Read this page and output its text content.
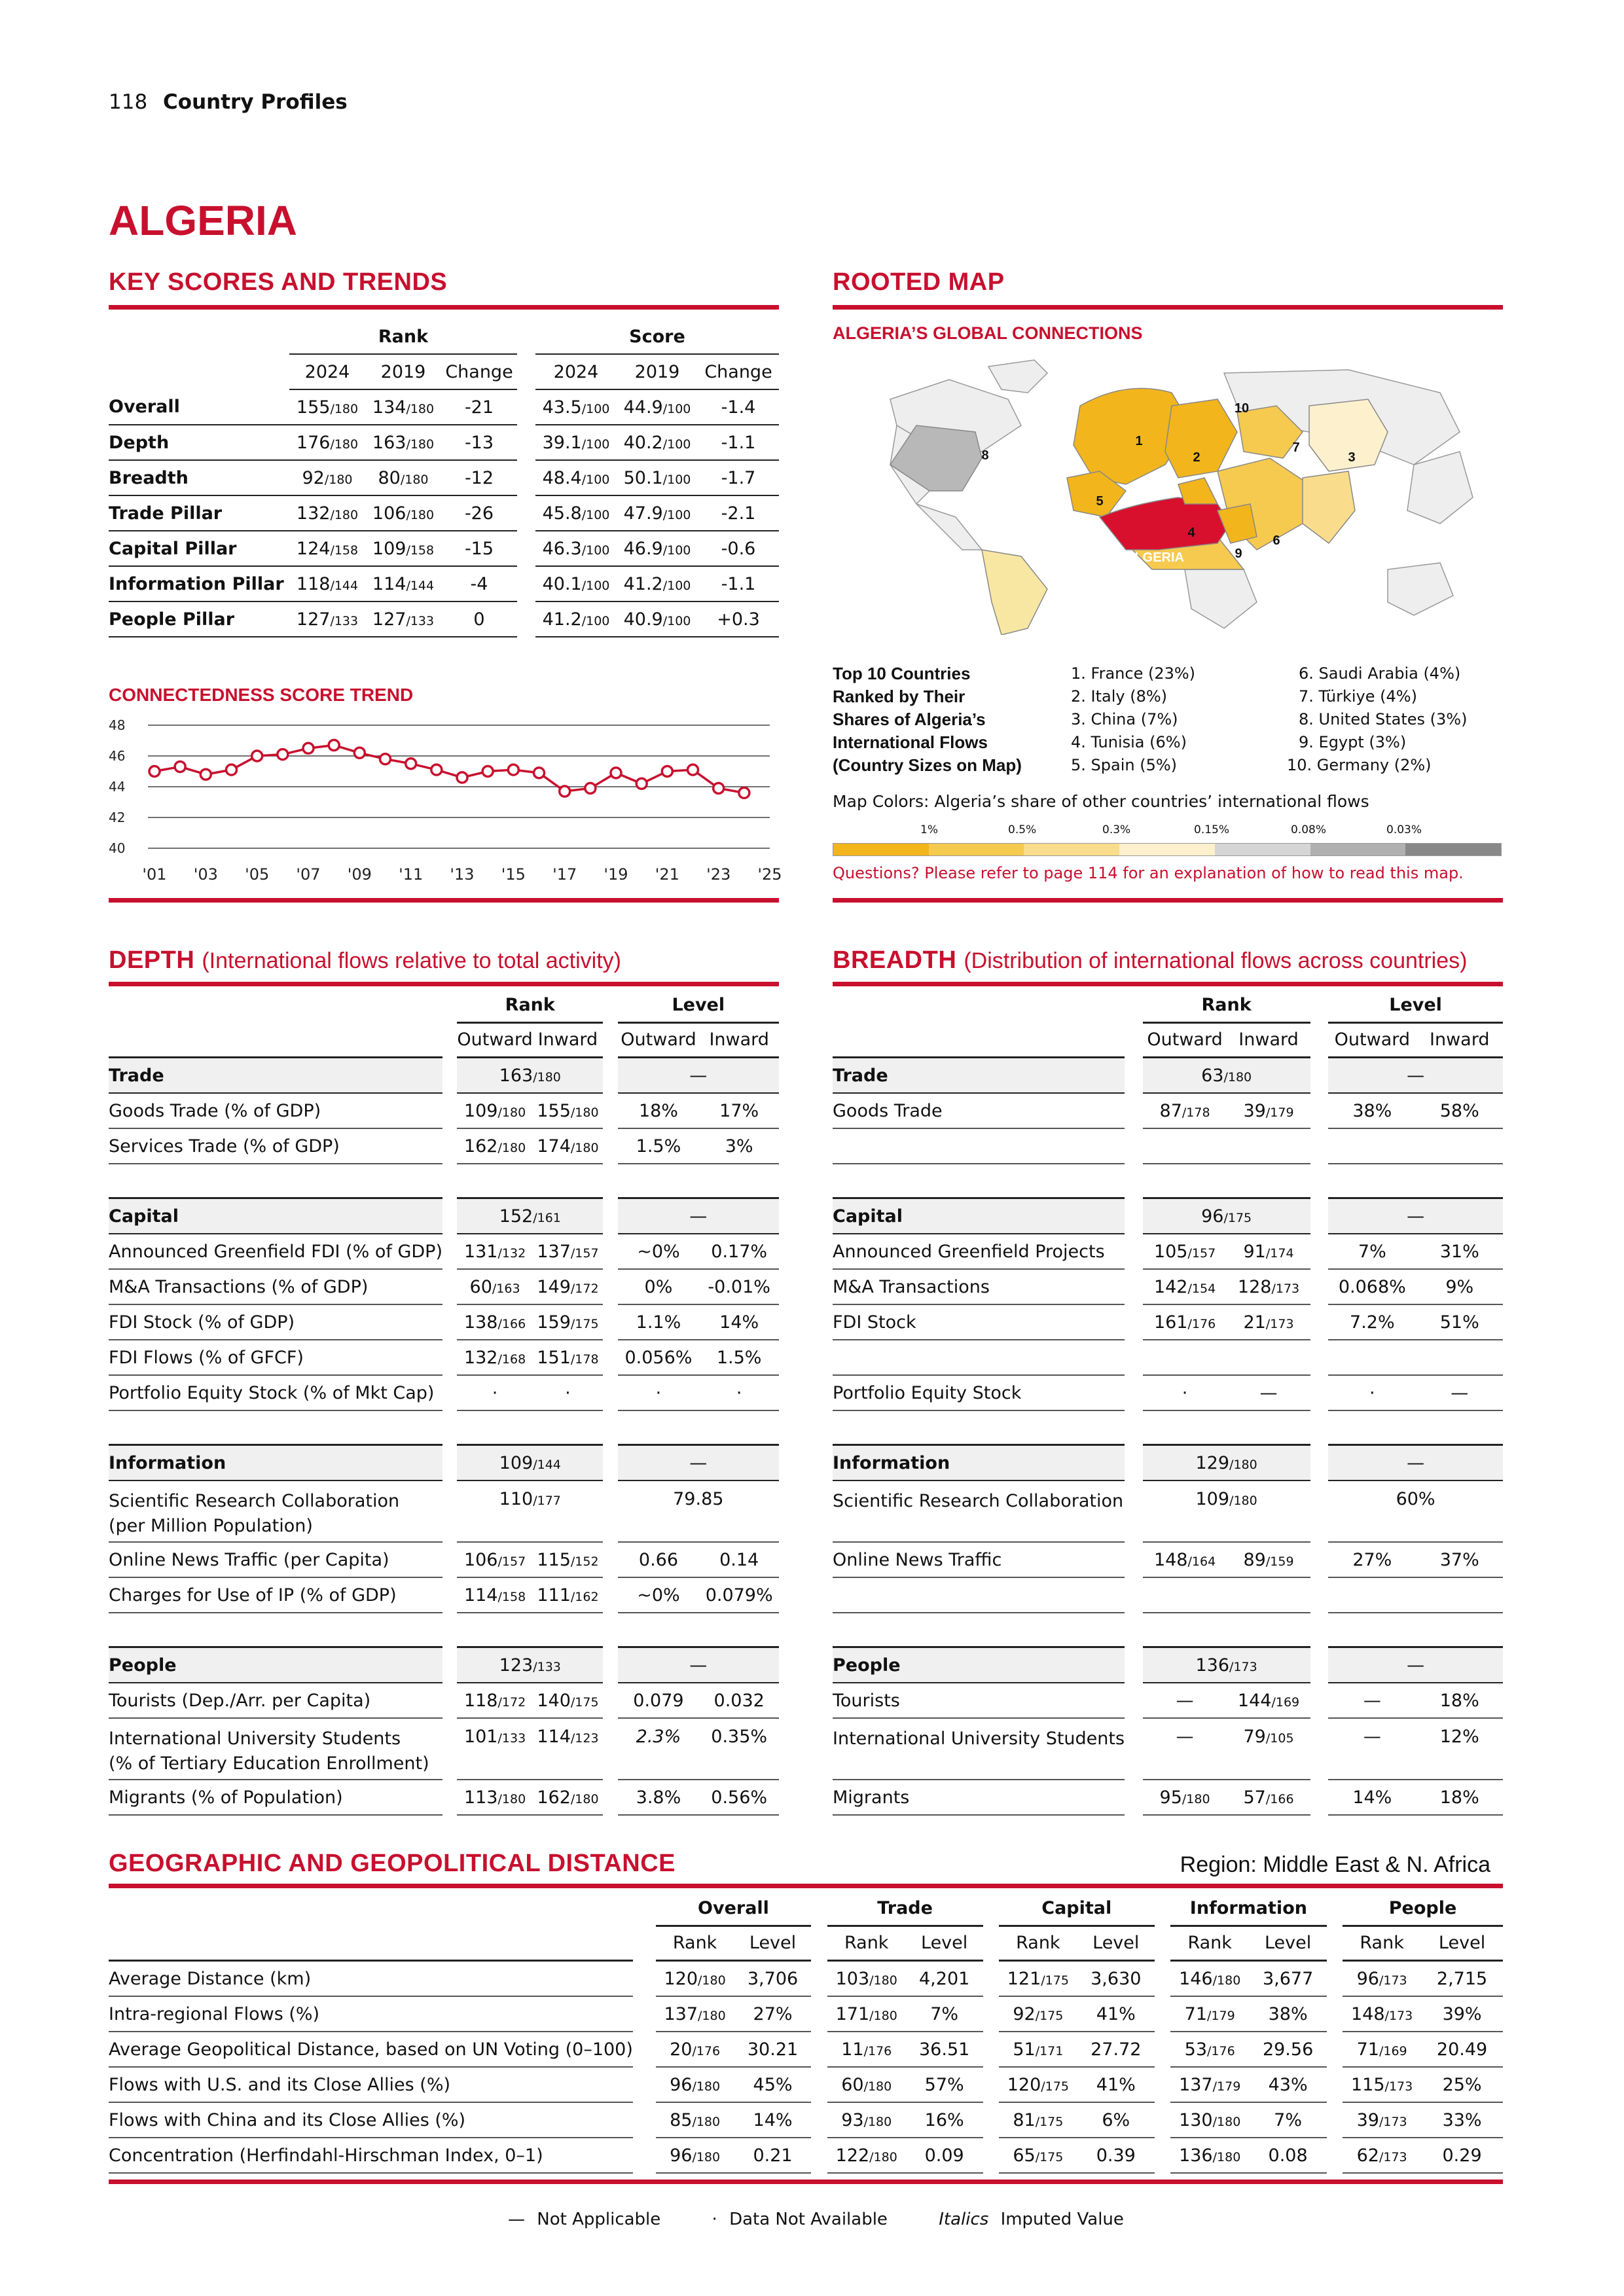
118 Country Profiles
ALGERIA
KEY SCORES AND TRENDS
	Rank				Score		
	2024	2019	Change		2024	2019	Change
Overall	155/180	134/180	-21		43.5/100	44.9/100	-1.4
Depth	176/180	163/180	-13		39.1/100	40.2/100	-1.1
Breadth	92/180	80/180	-12		48.4/100	50.1/100	-1.7
Trade Pillar	132/180	106/180	-26		45.8/100	47.9/100	-2.1
Capital Pillar	124/158	109/158	-15		46.3/100	46.9/100	-0.6
Information Pillar	118/144	114/144	-4		40.1/100	41.2/100	-1.1
People Pillar	127/133	127/133	0		41.2/100	40.9/100	+0.3
CONNECTEDNESS SCORE TREND
40
42
44
46
48
'01 '03 '05 '07 '09 '11 '13 '15 '17 '19 '21 '23 '25
ROOTED MAP
ALGERIA’S GLOBAL CONNECTIONS
1
2	3
4
5
6
7
8
9
10
ALGERIA
Top 10 Countries
Ranked by Their
Shares of Algeria’s
International Flows
(Country Sizes on Map)
1. France (23%)
2. Italy (8%)
3. China (7%)
4. Tunisia (6%)
5. Spain (5%)
6. Saudi Arabia (4%)
7. Türkiye (4%)
8. United States (3%)
9. Egypt (3%)
10. Germany (2%)
Map Colors: Algeria’s share of other countries’ international flows
1%	0.5%	0.3%	0.15%	0.08%	0.03%
Questions? Please refer to page 114 for an explanation of how to read this map.
DEPTH (International flows relative to total activity)
		Rank			Level	
		Outward	Inward		Outward	Inward
Trade		163/180			—	

Goods Trade (% of GDP)		109/180	155/180		18%	17%

Services Trade (% of GDP)		162/180	174/180		1.5%	3%

Capital		152/161			—	

Announced Greenfield FDI (% of GDP)		131/132	137/157		~0%	0.17%

M&A Transactions (% of GDP)		60/163	149/172		0%	-0.01%

FDI Stock (% of GDP)		138/166	159/175		1.1%	14%

FDI Flows (% of GFCF)		132/168	151/178		0.056%	1.5%

Portfolio Equity Stock (% of Mkt Cap)		·	·		·	·

Information		109/144			—	

Scientific Research Collaboration
(per Million Population)		110/177			79.85	

Online News Traffic (per Capita)		106/157	115/152		0.66	0.14

Charges for Use of IP (% of GDP)		114/158	111/162		~0%	0.079%

People		123/133			—	

Tourists (Dep./Arr. per Capita)		118/172	140/175		0.079	0.032

International University Students
(% of Tertiary Education Enrollment)		101/133	114/123		2.3%	0.35%

Migrants (% of Population)		113/180	162/180		3.8%	0.56%

BREADTH (Distribution of international flows across countries)
		Rank			Level	
		Outward	Inward		Outward	Inward
Trade		63/180			—	

Goods Trade		87/178	39/179		38%	58%

Capital		96/175			—	

Announced Greenfield Projects		105/157	91/174		7%	31%

M&A Transactions		142/154	128/173		0.068%	9%

FDI Stock		161/176	21/173		7.2%	51%

Portfolio Equity Stock		·	—		·	—

Information		129/180			—	

Scientific Research Collaboration		109/180			60%	

Online News Traffic		148/164	89/159		27%	37%

People		136/173			—	

Tourists		—	144/169		—	18%

International University Students		—	79/105		—	12%

Migrants		95/180	57/166		14%	18%

GEOGRAPHIC AND GEOPOLITICAL DISTANCE	Region: Middle East & N. Africa
		Overall			Trade			Capital			Information			People	
		Rank	Level		Rank	Level		Rank	Level		Rank	Level		Rank	Level
Average Distance (km)		120/180	3,706		103/180	4,201		121/175	3,630		146/180	3,677		96/173	2,715
Intra-regional Flows (%)		137/180	27%		171/180	7%		92/175	41%		71/179	38%		148/173	39%
Average Geopolitical Distance, based on UN Voting (0–100)		20/176	30.21		11/176	36.51		51/171	27.72		53/176	29.56		71/169	20.49
Flows with U.S. and its Close Allies (%)		96/180	45%		60/180	57%		120/175	41%		137/179	43%		115/173	25%
Flows with China and its Close Allies (%)		85/180	14%		93/180	16%		81/175	6%		130/180	7%		39/173	33%
Concentration (Herfindahl-Hirschman Index, 0–1)		96/180	0.21		122/180	0.09		65/175	0.39		136/180	0.08		62/173	0.29
— Not Applicable	· Data Not Available	Italics Imputed Value
